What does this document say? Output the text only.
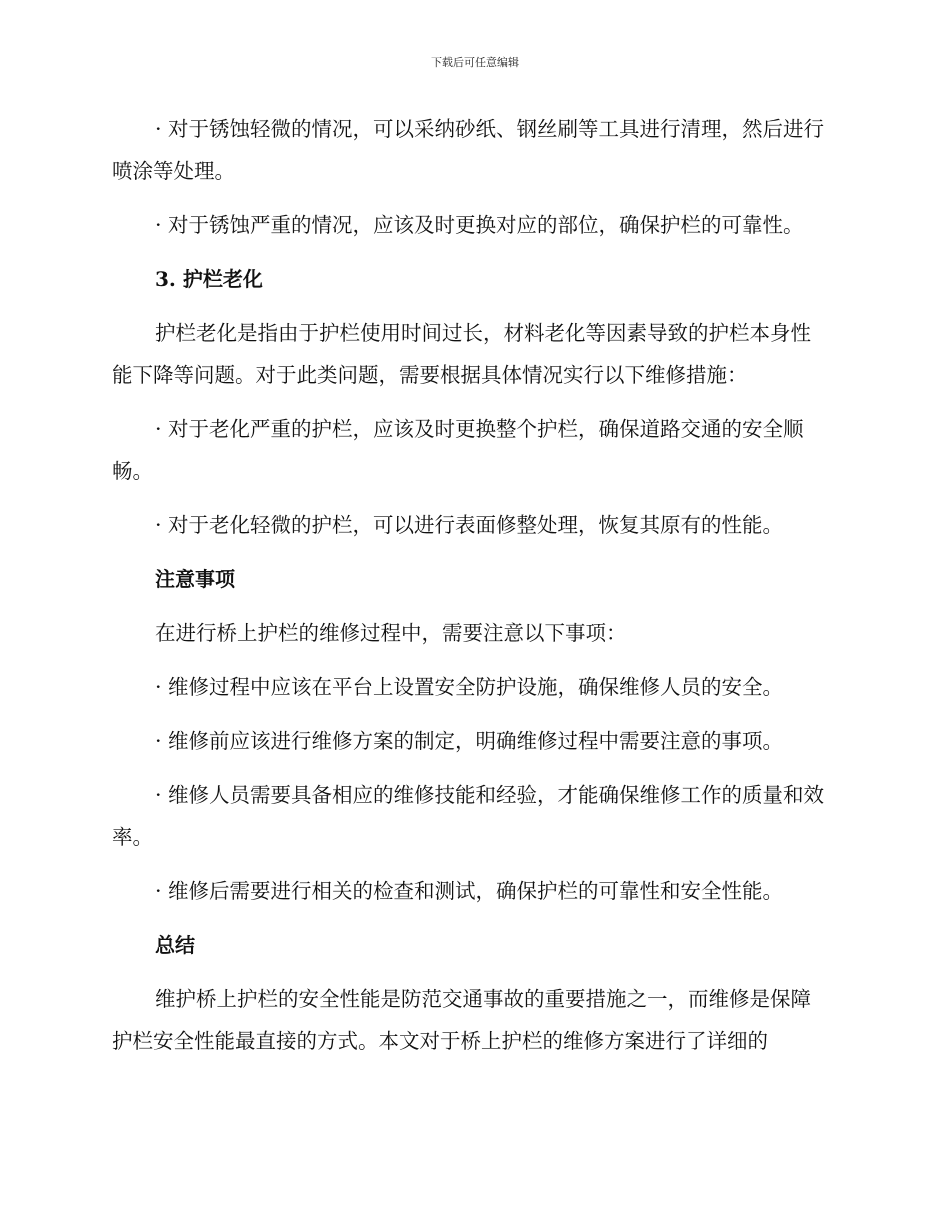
下载后可任意编辑

· 对于锈蚀轻微的情况，可以采纳砂纸、钢丝刷等工具进行清理，然后进行喷涂等处理。

· 对于锈蚀严重的情况，应该及时更换对应的部位，确保护栏的可靠性。

3. 护栏老化

护栏老化是指由于护栏使用时间过长，材料老化等因素导致的护栏本身性能下降等问题。对于此类问题，需要根据具体情况实行以下维修措施：

· 对于老化严重的护栏，应该及时更换整个护栏，确保道路交通的安全顺畅。

· 对于老化轻微的护栏，可以进行表面修整处理，恢复其原有的性能。

注意事项

在进行桥上护栏的维修过程中，需要注意以下事项：

· 维修过程中应该在平台上设置安全防护设施，确保维修人员的安全。

· 维修前应该进行维修方案的制定，明确维修过程中需要注意的事项。

· 维修人员需要具备相应的维修技能和经验，才能确保维修工作的质量和效率。

· 维修后需要进行相关的检查和测试，确保护栏的可靠性和安全性能。

总结

维护桥上护栏的安全性能是防范交通事故的重要措施之一，而维修是保障护栏安全性能最直接的方式。本文对于桥上护栏的维修方案进行了详细的
